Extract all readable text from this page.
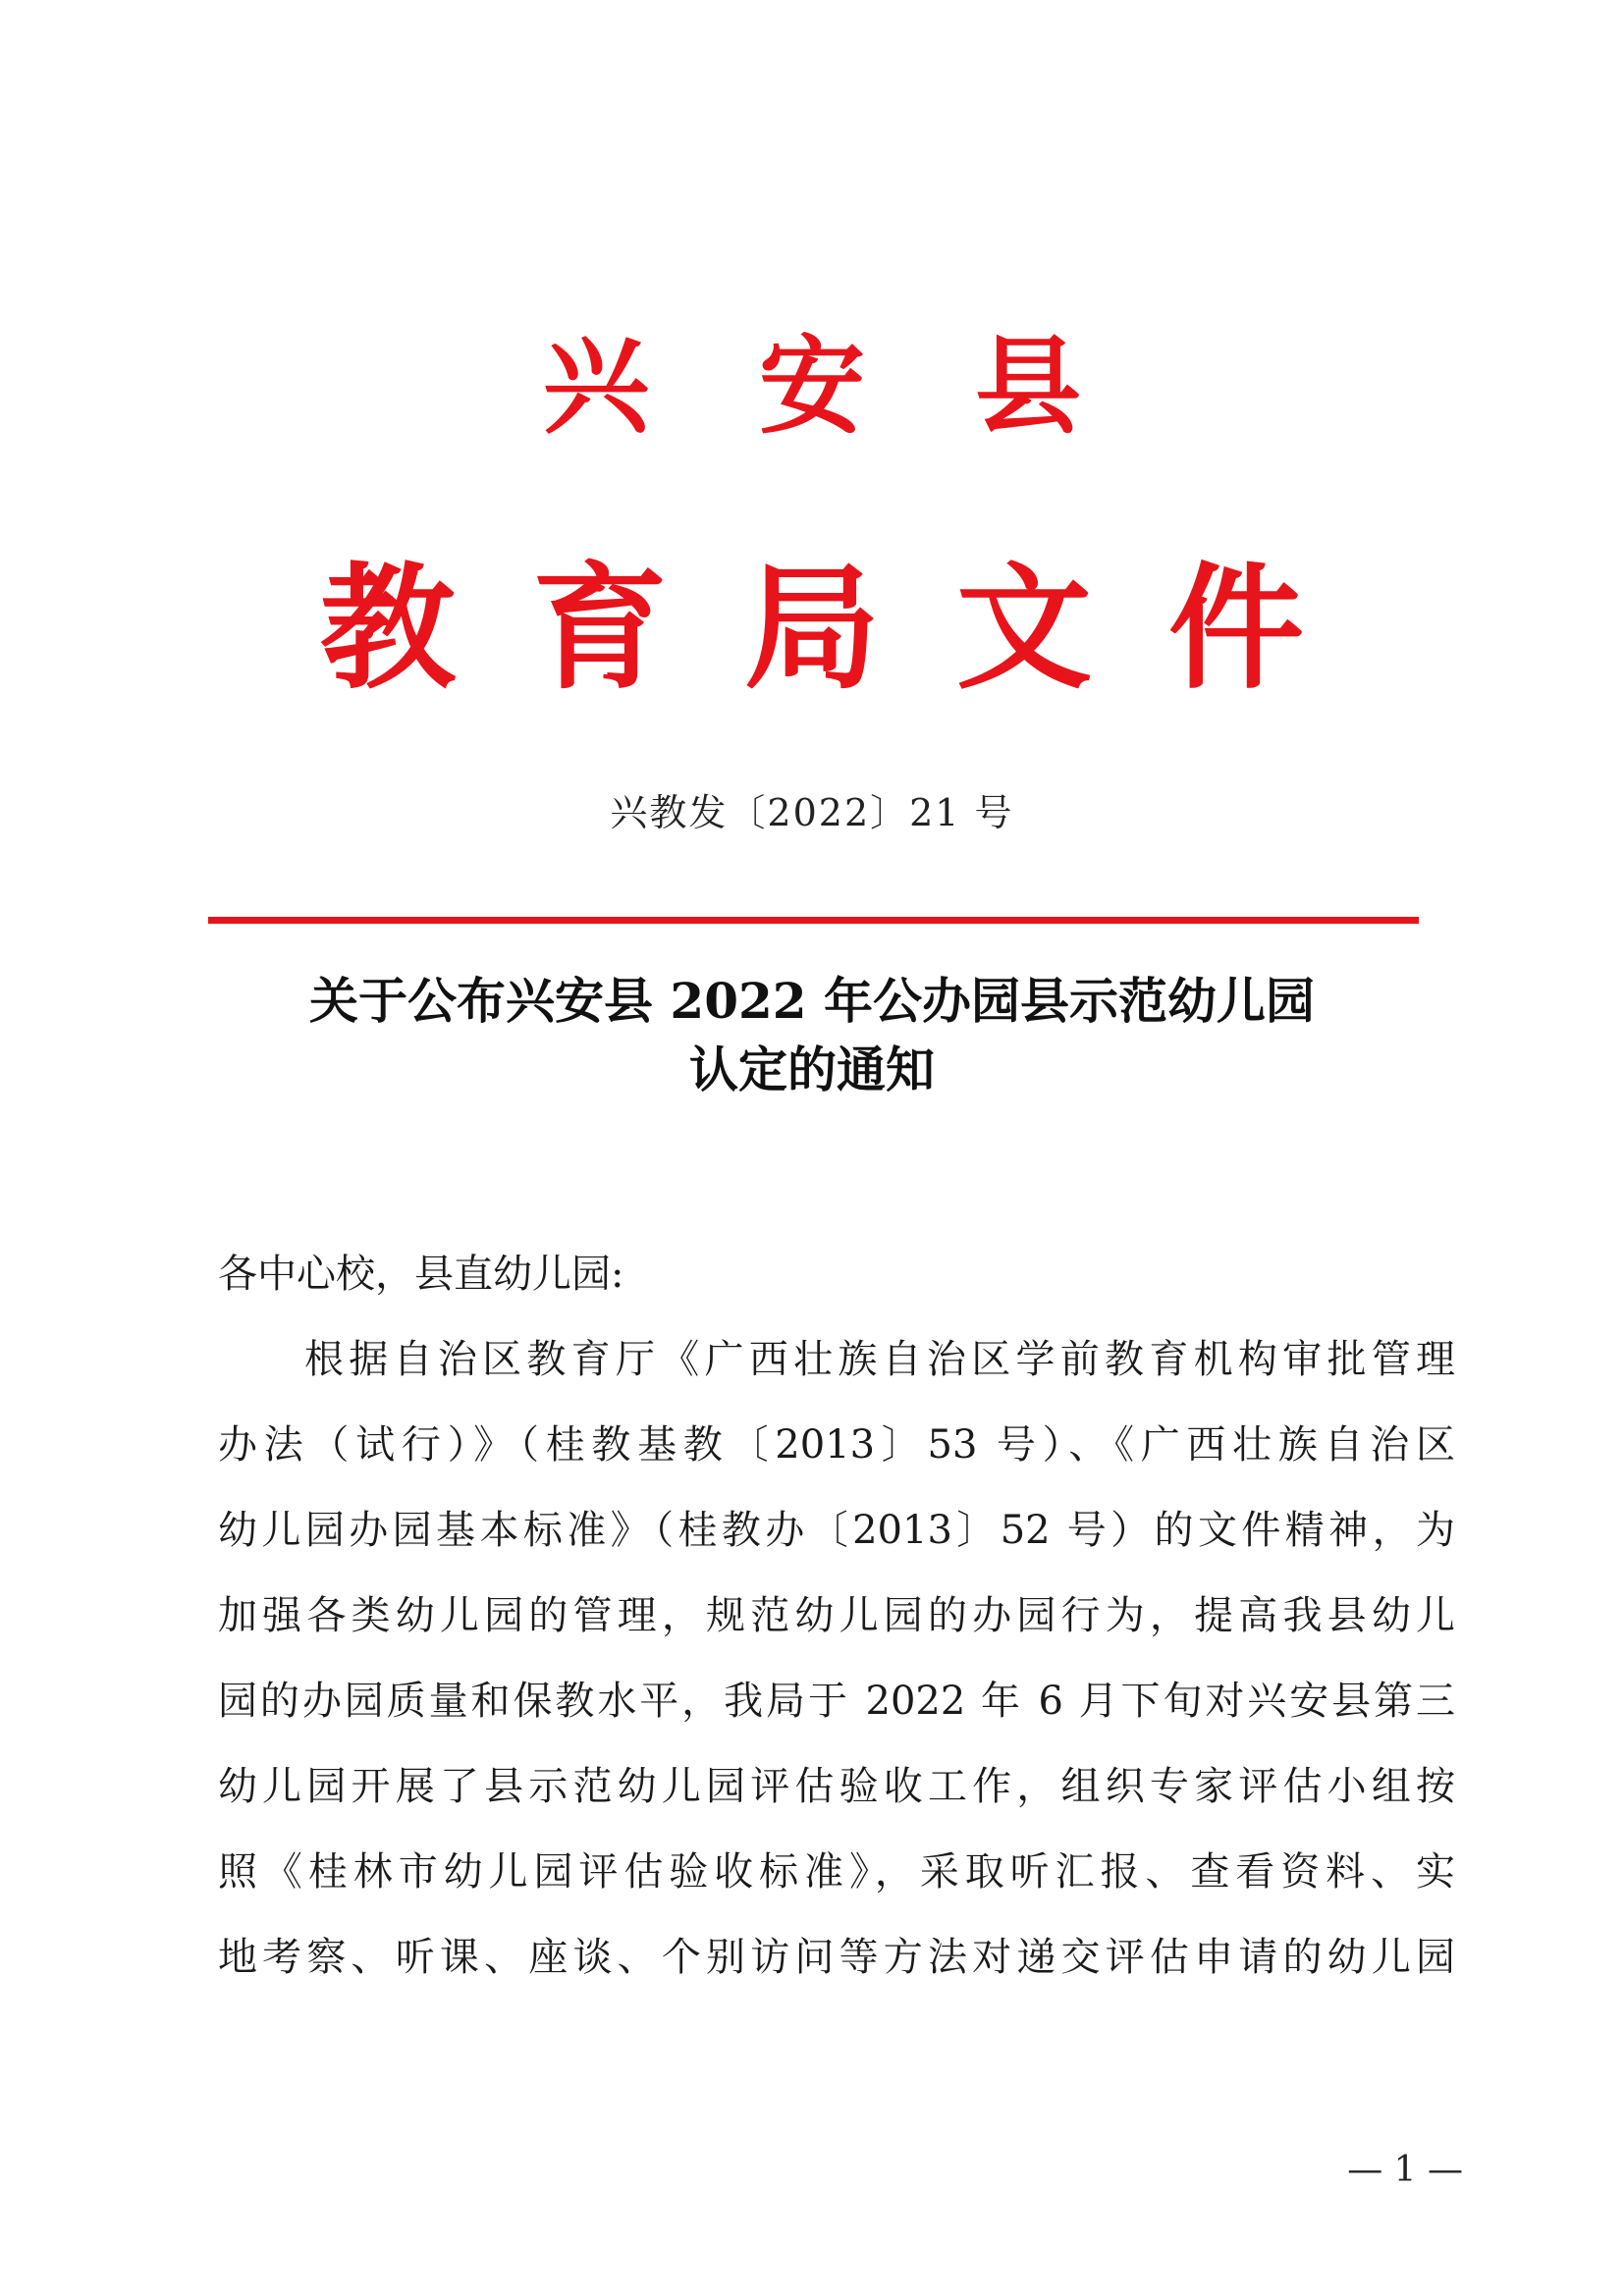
兴安县
教育局文件
兴教发〔2022〕21 号
关于公布兴安县 2022 年公办园县示范幼儿园
认定的通知
各中心校，县直幼儿园:
根据自治区教育厅《广西壮族自治区学前教育机构审批管理
办法（试行）》（桂教基教〔2013〕53 号）、《广西壮族自治区
幼儿园办园基本标准》（桂教办〔2013〕52 号）的文件精神，为
加强各类幼儿园的管理，规范幼儿园的办园行为，提高我县幼儿
园的办园质量和保教水平，我局于 2022 年 6 月下旬对兴安县第三
幼儿园开展了县示范幼儿园评估验收工作，组织专家评估小组按
照《桂林市幼儿园评估验收标准》，采取听汇报、查看资料、实
地考察、听课、座谈、个别访问等方法对递交评估申请的幼儿园
— 1 —
